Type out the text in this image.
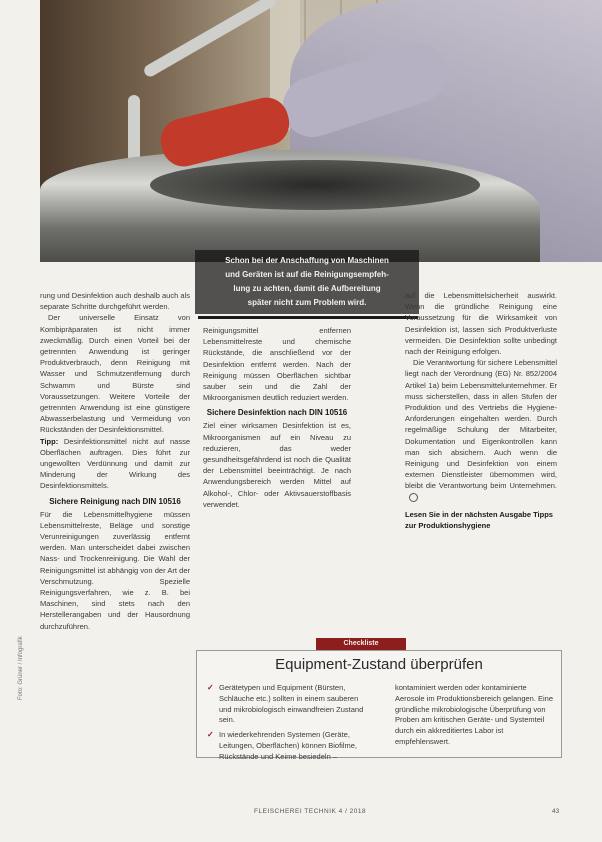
Schon bei der Anschaffung von Maschinen
und Geräten ist auf die Reinigungsempfeh-
lung zu achten, damit die Aufbereitung
später nicht zum Problem wird.

rung und Desinfektion auch deshalb auch als separate Schritte durchgeführt werden.

Der universelle Einsatz von Kombipräparaten ist nicht immer zweckmäßig. Durch einen Vorteil bei der getrennten Anwendung ist geringer Produktverbrauch, denn Reinigung mit Wasser und Schmutzentfernung durch Schwamm und Bürste sind Voraussetzungen. Weitere Vorteile der getrennten Anwendung ist eine günstigere Abwasserbelastung und Vermeidung von Rückständen der Desinfektionsmittel.

Tipp: Desinfektionsmittel nicht auf nasse Oberflächen auftragen. Dies führt zur ungewollten Verdünnung und damit zur Minderung der Wirkung des Desinfektionsmittels.

Sichere Reinigung nach DIN 10516

Für die Lebensmittelhygiene müssen Lebensmittelreste, Beläge und sonstige Verunreinigungen zuverlässig entfernt werden. Man unterscheidet dabei zwischen Nass- und Trockenreinigung. Die Wahl der Reinigungsmittel ist abhängig von der Art der Verschmutzung. Spezielle Reinigungsverfahren, wie z. B. bei Maschinen, sind stets nach den Herstellerangaben und der Hausordnung durchzuführen.

Reinigungsmittel entfernen Lebensmittelreste und chemische Rückstände, die anschließend vor der Desinfektion entfernt werden. Nach der Reinigung müssen Oberflächen sichtbar sauber sein und die Zahl der Mikroorganismen deutlich reduziert werden.

Sichere Desinfektion nach DIN 10516

Ziel einer wirksamen Desinfektion ist es, Mikroorganismen auf ein Niveau zu reduzieren, das weder gesundheitsgefährdend ist noch die Qualität der Lebensmittel beeinträchtigt. Je nach Anwendungsbereich werden Mittel auf Alkohol-, Chlor- oder Aktivsauerstoffbasis verwendet.

auf die Lebensmittelsicherheit auswirkt. Wenn die gründliche Reinigung eine Voraussetzung für die Wirksamkeit von Desinfektion ist, lassen sich Produktverluste vermeiden. Die Desinfektion sollte unbedingt nach der Reinigung erfolgen.

Die Verantwortung für sichere Lebensmittel liegt nach der Verordnung (EG) Nr. 852/2004 Artikel 1a) beim Lebensmittelunternehmer. Er muss sicherstellen, dass in allen Stufen der Produktion und des Vertriebs die Hygiene-Anforderungen eingehalten werden. Durch regelmäßige Schulung der Mitarbeiter, Dokumentation und Eigenkontrollen kann man sich absichern. Auch wenn die Reinigung und Desinfektion von einem externen Dienstleister übernommen wird, bleibt die Verantwortung beim Unternehmen.

Lesen Sie in der nächsten Ausgabe Tipps zur Produktionshygiene

Foto: Grüner / Infografik	Checkliste
Equipment-Zustand überprüfen
✓ Gerätetypen und Equipment (Bürsten, Schläuche etc.) sollten in einem sauberen und mikrobiologisch einwandfreien Zustand sein.

✓ In wiederkehrenden Systemen (Geräte, Leitungen, Oberflächen) können Biofilme, Rückstände und Keime besiedeln –

kontaminiert werden oder kontaminierte Aerosole im Produktionsbereich gelangen. Eine gründliche mikrobiologische Überprüfung von Proben am kritischen Geräte- und Systemteil durch ein akkreditiertes Labor ist empfehlenswert.

FLEISCHEREI TECHNIK 4 / 2018	43
